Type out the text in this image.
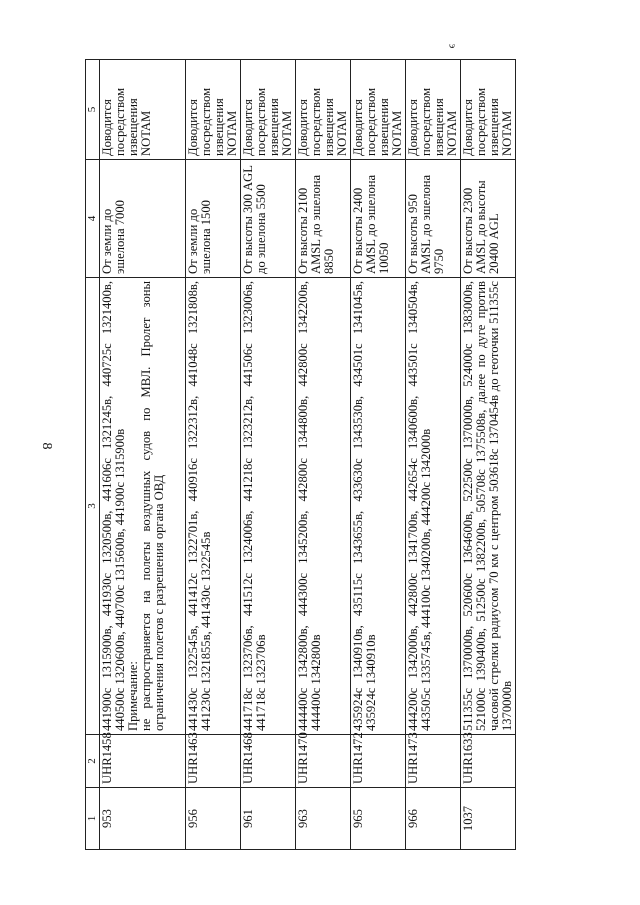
8
э
1	2	3	4	5
953	UHR1458	441900с 1315900в, 441930с 1320500в, 441606с 1321245в, 440725с 1321400в, 440500с 1320600в, 440700с 1315600в, 441900с 1315900в Примечание: не распространяется на полеты воздушных судов по МВЛ. Пролет зоны ограничения полетов с разрешения органа ОВД	От земли до эшелона 7000	Доводится посредством извещения NOTAM
956	UHR1463	441430с 1322545в, 441412с 1322701в, 440916с 1322312в, 441048с 1321808в, 441230с 1321855в, 441430с 1322545в	От земли до эшелона 1500	Доводится посредством извещения NOTAM
961	UHR1468	441718с 1323706в, 441512с 1324006в, 441218с 1323212в, 441506с 1323006в, 441718с 1323706в	От высоты 300 AGL до эшелона 5500	Доводится посредством извещения NOTAM
963	UHR1470	444400с 1342800в, 444300с 1345200в, 442800с 1344800в, 442800с 1342200в, 444400с 1342800в	От высоты 2100 AMSL до эшелона 8850	Доводится посредством извещения NOTAM
965	UHR1472	435924с 1340910в, 435115с 1343655в, 433630с 1343530в, 434501с 1341045в, 435924с 1340910в	От высоты 2400 AMSL до эшелона 10050	Доводится посредством извещения NOTAM
966	UHR1473	444200с 1342000в, 442800с 1341700в, 442654с 1340600в, 443501с 1340504в, 443505с 1335745в, 444100с 1340200в, 444200с 1342000в	От высоты 950 AMSL до эшелона 9750	Доводится посредством извещения NOTAM
1037	UHR1633	511355с 1370000в, 520600с 1364600в, 522500с 1370000в, 524000с 1383000в, 521000с 1390400в, 512500с 1382200в, 505708с 1375508в, далее по дуге против часовой стрелки радиусом 70 км с центром 503618с 1370454в до геоточки 511355с 1370000в	От высоты 2300 AMSL до высоты 20400 AGL	Доводится посредством извещения NOTAM
